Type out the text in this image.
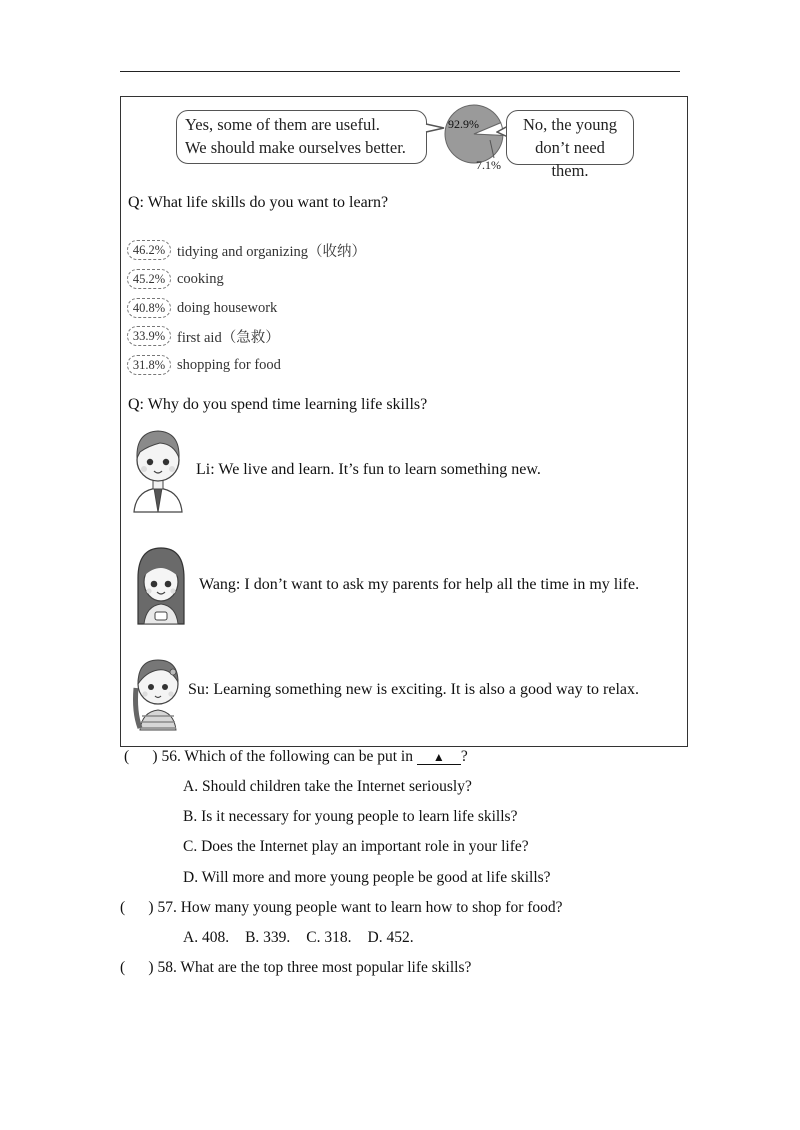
Yes, some of them are useful.
We should make ourselves better.
92.9%
7.1%
No, the young
don’t need them.
Q: What life skills do you want to learn?
46.2% tidying and organizing（收纳）
45.2% cooking
40.8% doing housework
33.9% first aid（急救）
31.8% shopping for food
Q: Why do you spend time learning life skills?
Li: We live and learn. It’s fun to learn something new.
Wang: I don’t want to ask my parents for help all the time in my life.
Su: Learning something new is exciting. It is also a good way to relax.
(      ) 56. Which of the following can be put in ▲ ?
A. Should children take the Internet seriously?
B. Is it necessary for young people to learn life skills?
C. Does the Internet play an important role in your life?
D. Will more and more young people be good at life skills?
(      ) 57. How many young people want to learn how to shop for food?
A. 408. B. 339. C. 318. D. 452.
(      ) 58. What are the top three most popular life skills?
